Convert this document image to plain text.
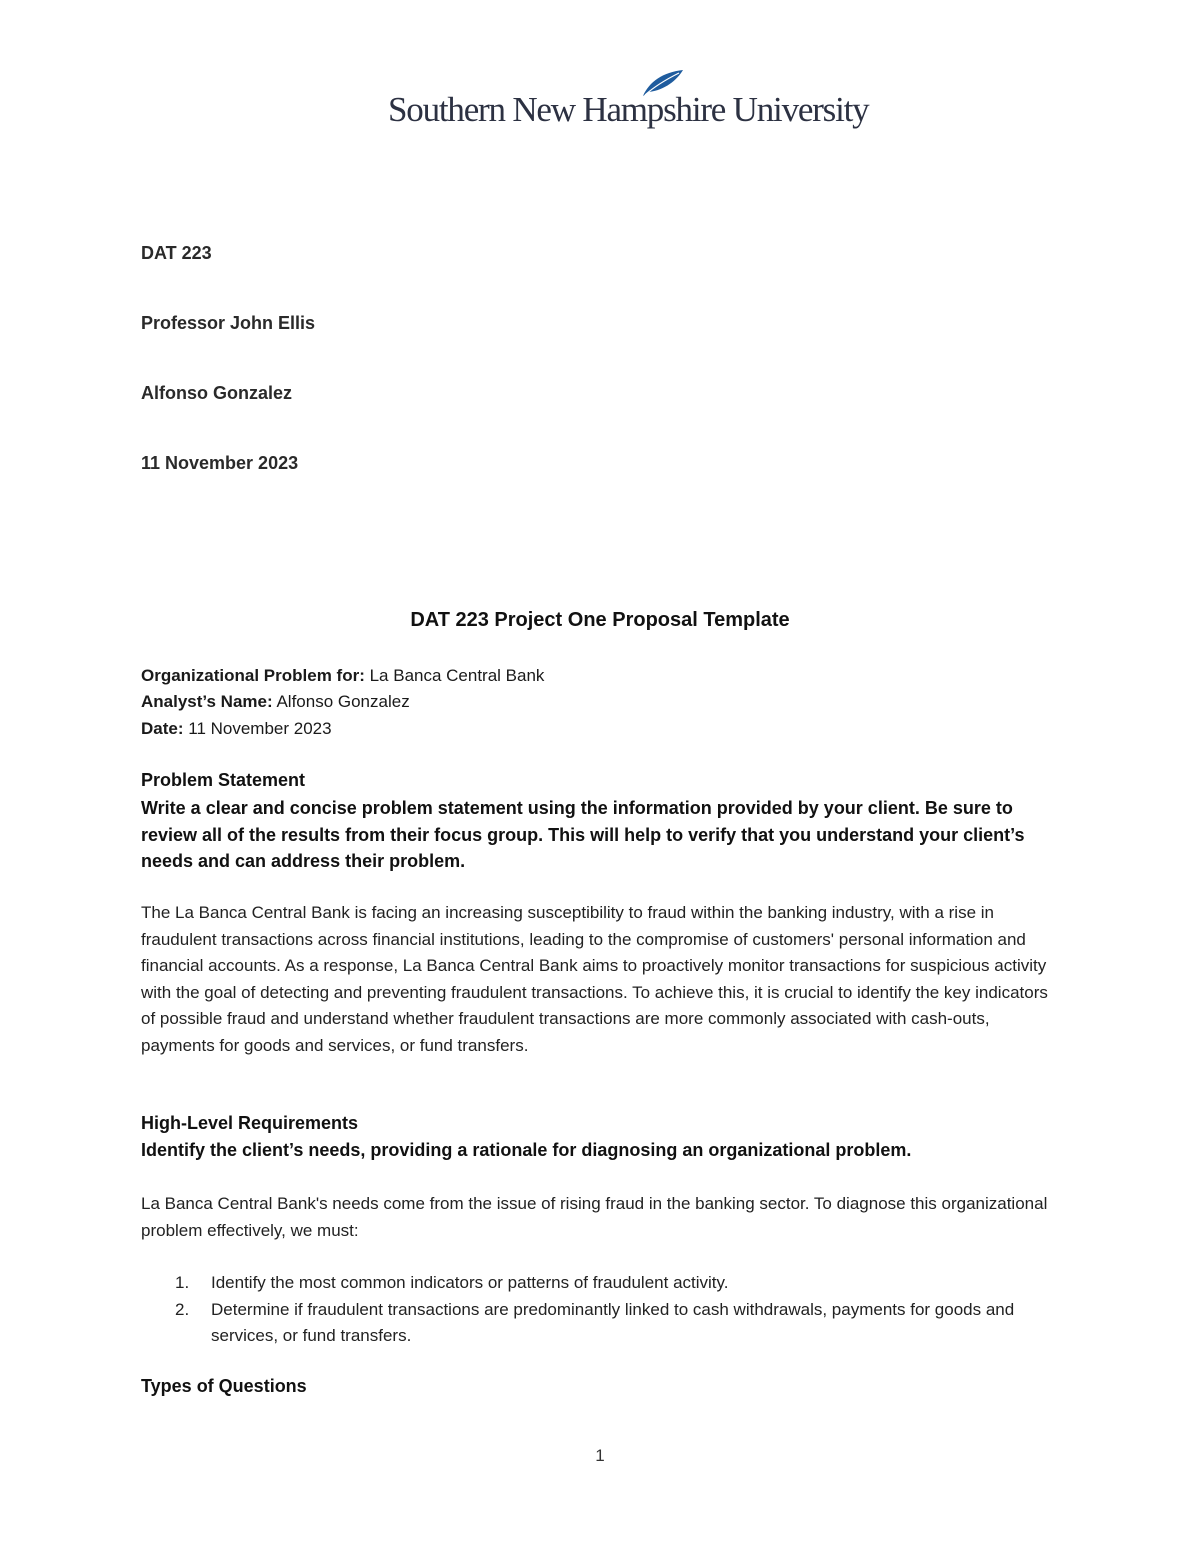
Southern New Hampshire University
DAT 223
Professor John Ellis
Alfonso Gonzalez
11 November 2023
DAT 223 Project One Proposal Template
Organizational Problem for: La Banca Central Bank
Analyst’s Name: Alfonso Gonzalez
Date: 11 November 2023
Problem Statement
Write a clear and concise problem statement using the information provided by your client. Be sure to review all of the results from their focus group. This will help to verify that you understand your client’s needs and can address their problem.
The La Banca Central Bank is facing an increasing susceptibility to fraud within the banking industry, with a rise in fraudulent transactions across financial institutions, leading to the compromise of customers' personal information and financial accounts. As a response, La Banca Central Bank aims to proactively monitor transactions for suspicious activity with the goal of detecting and preventing fraudulent transactions. To achieve this, it is crucial to identify the key indicators of possible fraud and understand whether fraudulent transactions are more commonly associated with cash-outs, payments for goods and services, or fund transfers.
High-Level Requirements
Identify the client’s needs, providing a rationale for diagnosing an organizational problem.
La Banca Central Bank's needs come from the issue of rising fraud in the banking sector. To diagnose this organizational problem effectively, we must:
1. Identify the most common indicators or patterns of fraudulent activity.
2. Determine if fraudulent transactions are predominantly linked to cash withdrawals, payments for goods and services, or fund transfers.
Types of Questions
1
